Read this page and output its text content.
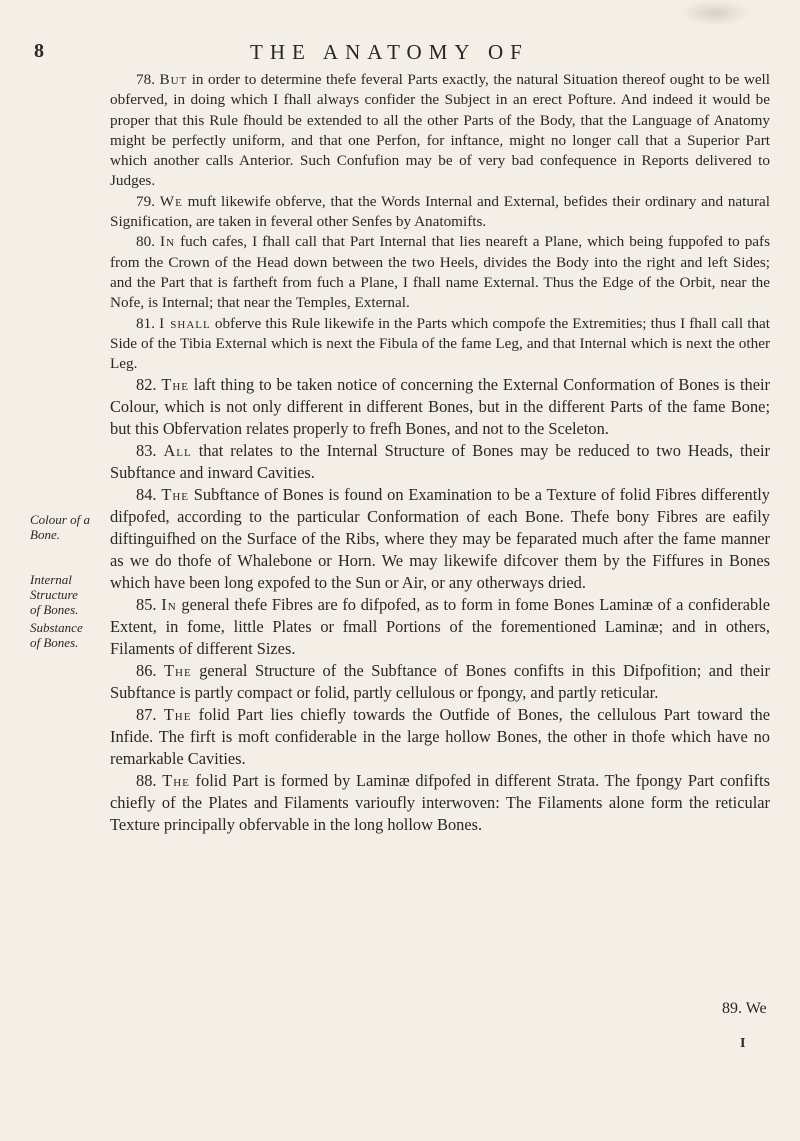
8	THE ANATOMY OF
Colour of a Bone.
Internal Structure of Bones.
Substance of Bones.

78. But in order to determine thefe feveral Parts exactly, the natural Situation thereof ought to be well obferved, in doing which I fhall always confider the Subject in an erect Pofture. And indeed it would be proper that this Rule fhould be extended to all the other Parts of the Body, that the Language of Anatomy might be perfectly uniform, and that one Perfon, for inftance, might no longer call that a Superior Part which another calls Anterior. Such Confufion may be of very bad confequence in Reports delivered to Judges.

79. We muft likewife obferve, that the Words Internal and External, befides their ordinary and natural Signification, are taken in feveral other Senfes by Anatomifts.

80. In fuch cafes, I fhall call that Part Internal that lies neareft a Plane, which being fuppofed to pafs from the Crown of the Head down between the two Heels, divides the Body into the right and left Sides; and the Part that is fartheft from fuch a Plane, I fhall name External. Thus the Edge of the Orbit, near the Nofe, is Internal; that near the Temples, External.

81. I shall obferve this Rule likewife in the Parts which compofe the Extremities; thus I fhall call that Side of the Tibia External which is next the Fibula of the fame Leg, and that Internal which is next the other Leg.

82. The laft thing to be taken notice of concerning the External Conformation of Bones is their Colour, which is not only different in different Bones, but in the different Parts of the fame Bone; but this Obfervation relates properly to frefh Bones, and not to the Sceleton.

83. All that relates to the Internal Structure of Bones may be reduced to two Heads, their Subftance and inward Cavities.

84. The Subftance of Bones is found on Examination to be a Texture of folid Fibres differently difpofed, according to the particular Conformation of each Bone. Thefe bony Fibres are eafily diftinguifhed on the Surface of the Ribs, where they may be feparated much after the fame manner as we do thofe of Whalebone or Horn. We may likewife difcover them by the Fiffures in Bones which have been long expofed to the Sun or Air, or any otherways dried.

85. In general thefe Fibres are fo difpofed, as to form in fome Bones Laminæ of a confiderable Extent, in fome, little Plates or fmall Portions of the forementioned Laminæ; and in others, Filaments of different Sizes.

86. The general Structure of the Subftance of Bones confifts in this Difpofition; and their Subftance is partly compact or folid, partly cellulous or fpongy, and partly reticular.

87. The folid Part lies chiefly towards the Outfide of Bones, the cellulous Part toward the Infide. The firft is moft confiderable in the large hollow Bones, the other in thofe which have no remarkable Cavities.

88. The folid Part is formed by Laminæ difpofed in different Strata. The fpongy Part confifts chiefly of the Plates and Filaments varioufly interwoven: The Filaments alone form the reticular Texture principally obfervable in the long hollow Bones.

89. We
I
